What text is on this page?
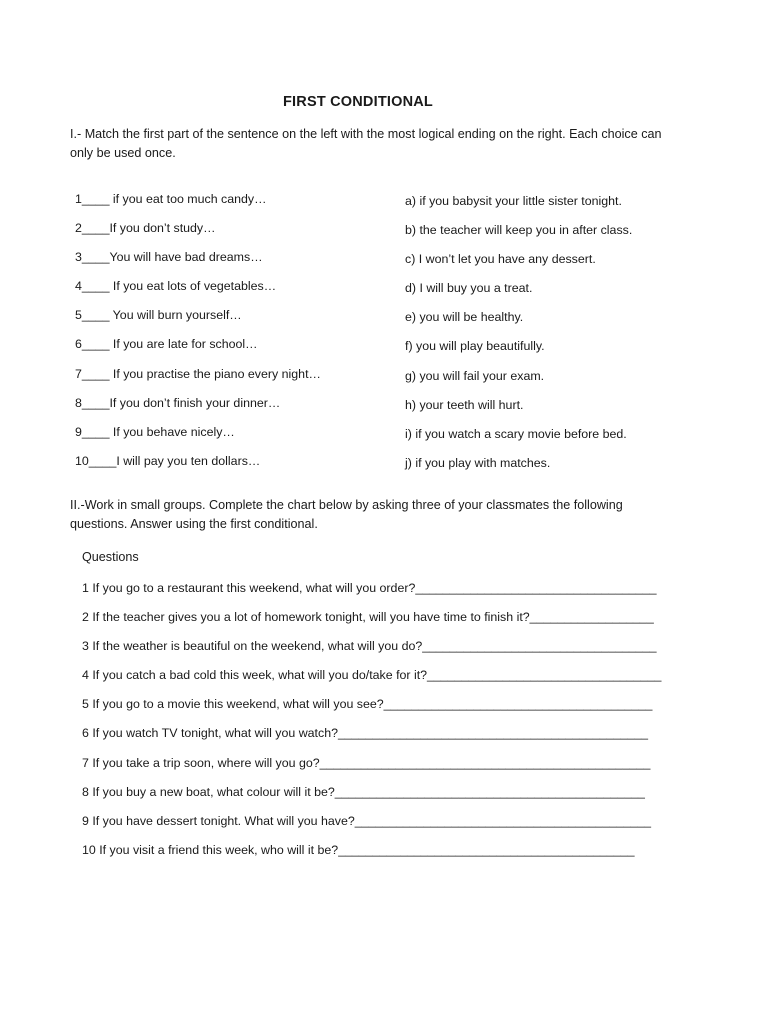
FIRST CONDITIONAL
I.- Match the first part of the sentence on the left with the most logical ending on the right. Each choice can only be used once.
1____ if you eat too much candy…
2____If you don’t study…
3____You will have bad dreams…
4____ If you eat lots of vegetables…
5____ You will burn yourself…
6____ If you are late for school…
7____ If you practise the piano every night…
8____If you don’t finish your dinner…
9____ If you behave nicely…
10____I will pay you ten dollars…
a) if you babysit your little sister tonight.
b) the teacher will keep you in after class.
c) I won’t let you have any dessert.
d) I will buy you a treat.
e) you will be healthy.
f) you will play beautifully.
g) you will fail your exam.
h) your teeth will hurt.
i) if you watch a scary movie before bed.
j) if you play with matches.
II.-Work in small groups. Complete the chart below by asking three of your classmates the following questions. Answer using the first conditional.
Questions
1 If you go to a restaurant this weekend, what will you order?___________________________________
2 If the teacher gives you a lot of homework tonight, will you have time to finish it?__________________
3 If the weather is beautiful on the weekend, what will you do?__________________________________
4 If you catch a bad cold this week, what will you do/take for it?__________________________________
5 If you go to a movie this weekend, what will you see?_______________________________________
6 If you watch TV tonight, what will you watch?_____________________________________________
7 If you take a trip soon, where will you go?________________________________________________
8 If you buy a new boat, what colour will it be?_____________________________________________
9 If you have dessert tonight. What will you have?___________________________________________
10 If you visit a friend this week, who will it be?___________________________________________
